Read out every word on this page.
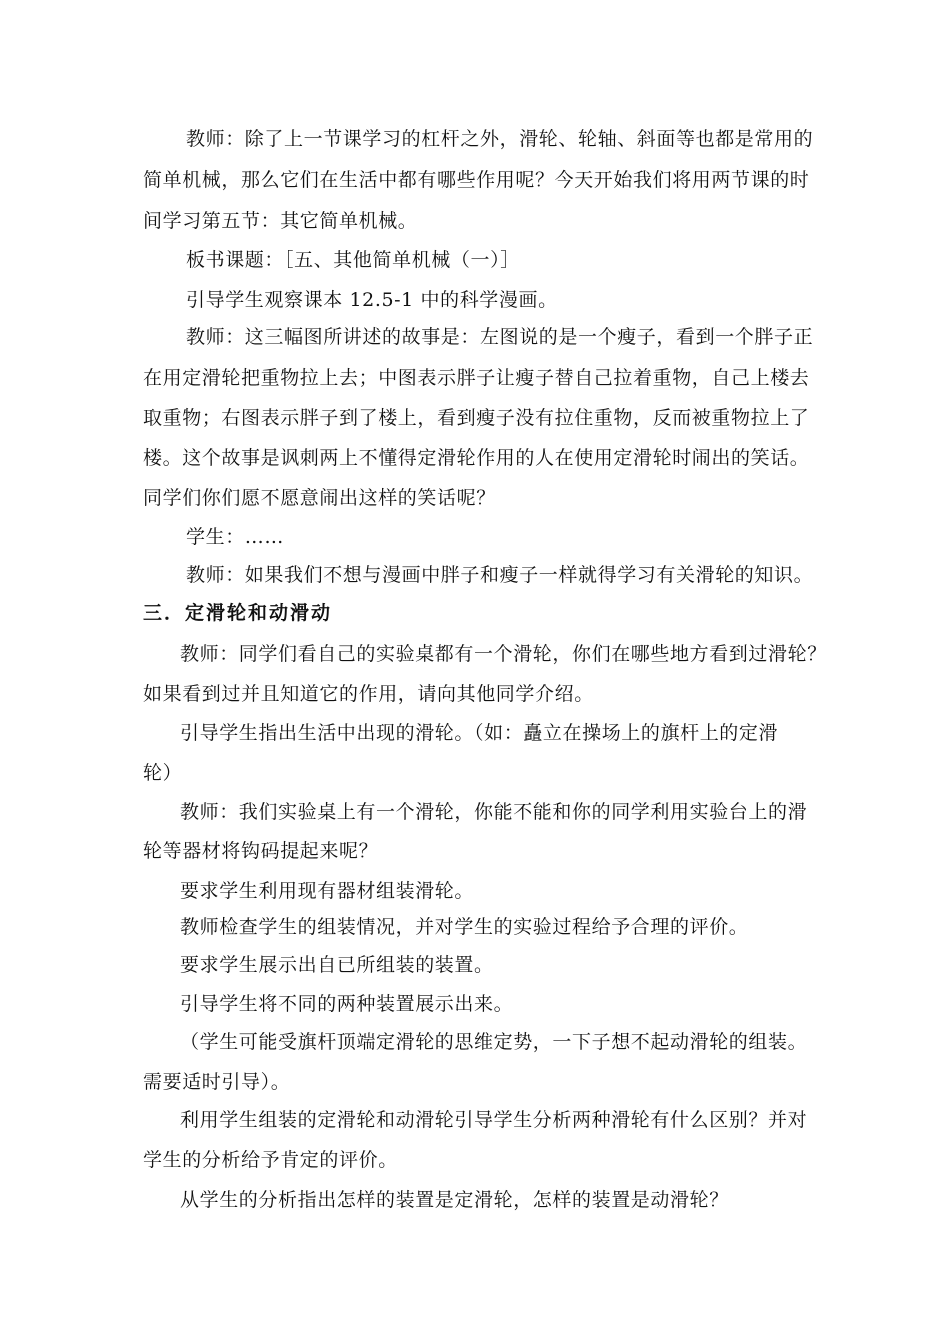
教师：除了上一节课学习的杠杆之外，滑轮、轮轴、斜面等也都是常用的
简单机械，那么它们在生活中都有哪些作用呢？今天开始我们将用两节课的时
间学习第五节：其它简单机械。
板书课题：［五、其他简单机械（一）］
引导学生观察课本 12.5-1 中的科学漫画。
教师：这三幅图所讲述的故事是：左图说的是一个瘦子，看到一个胖子正
在用定滑轮把重物拉上去；中图表示胖子让瘦子替自己拉着重物，自己上楼去
取重物；右图表示胖子到了楼上，看到瘦子没有拉住重物，反而被重物拉上了
楼。这个故事是讽刺两上不懂得定滑轮作用的人在使用定滑轮时闹出的笑话。
同学们你们愿不愿意闹出这样的笑话呢？
学生：……
教师：如果我们不想与漫画中胖子和瘦子一样就得学习有关滑轮的知识。
三．定滑轮和动滑动
教师：同学们看自己的实验桌都有一个滑轮，你们在哪些地方看到过滑轮？
如果看到过并且知道它的作用，请向其他同学介绍。
引导学生指出生活中出现的滑轮。（如：矗立在操场上的旗杆上的定滑
轮）
教师：我们实验桌上有一个滑轮，你能不能和你的同学利用实验台上的滑
轮等器材将钩码提起来呢？
要求学生利用现有器材组装滑轮。
教师检查学生的组装情况，并对学生的实验过程给予合理的评价。
要求学生展示出自已所组装的装置。
引导学生将不同的两种装置展示出来。
（学生可能受旗杆顶端定滑轮的思维定势，一下子想不起动滑轮的组装。
需要适时引导）。
利用学生组装的定滑轮和动滑轮引导学生分析两种滑轮有什么区别？并对
学生的分析给予肯定的评价。
从学生的分析指出怎样的装置是定滑轮，怎样的装置是动滑轮？
